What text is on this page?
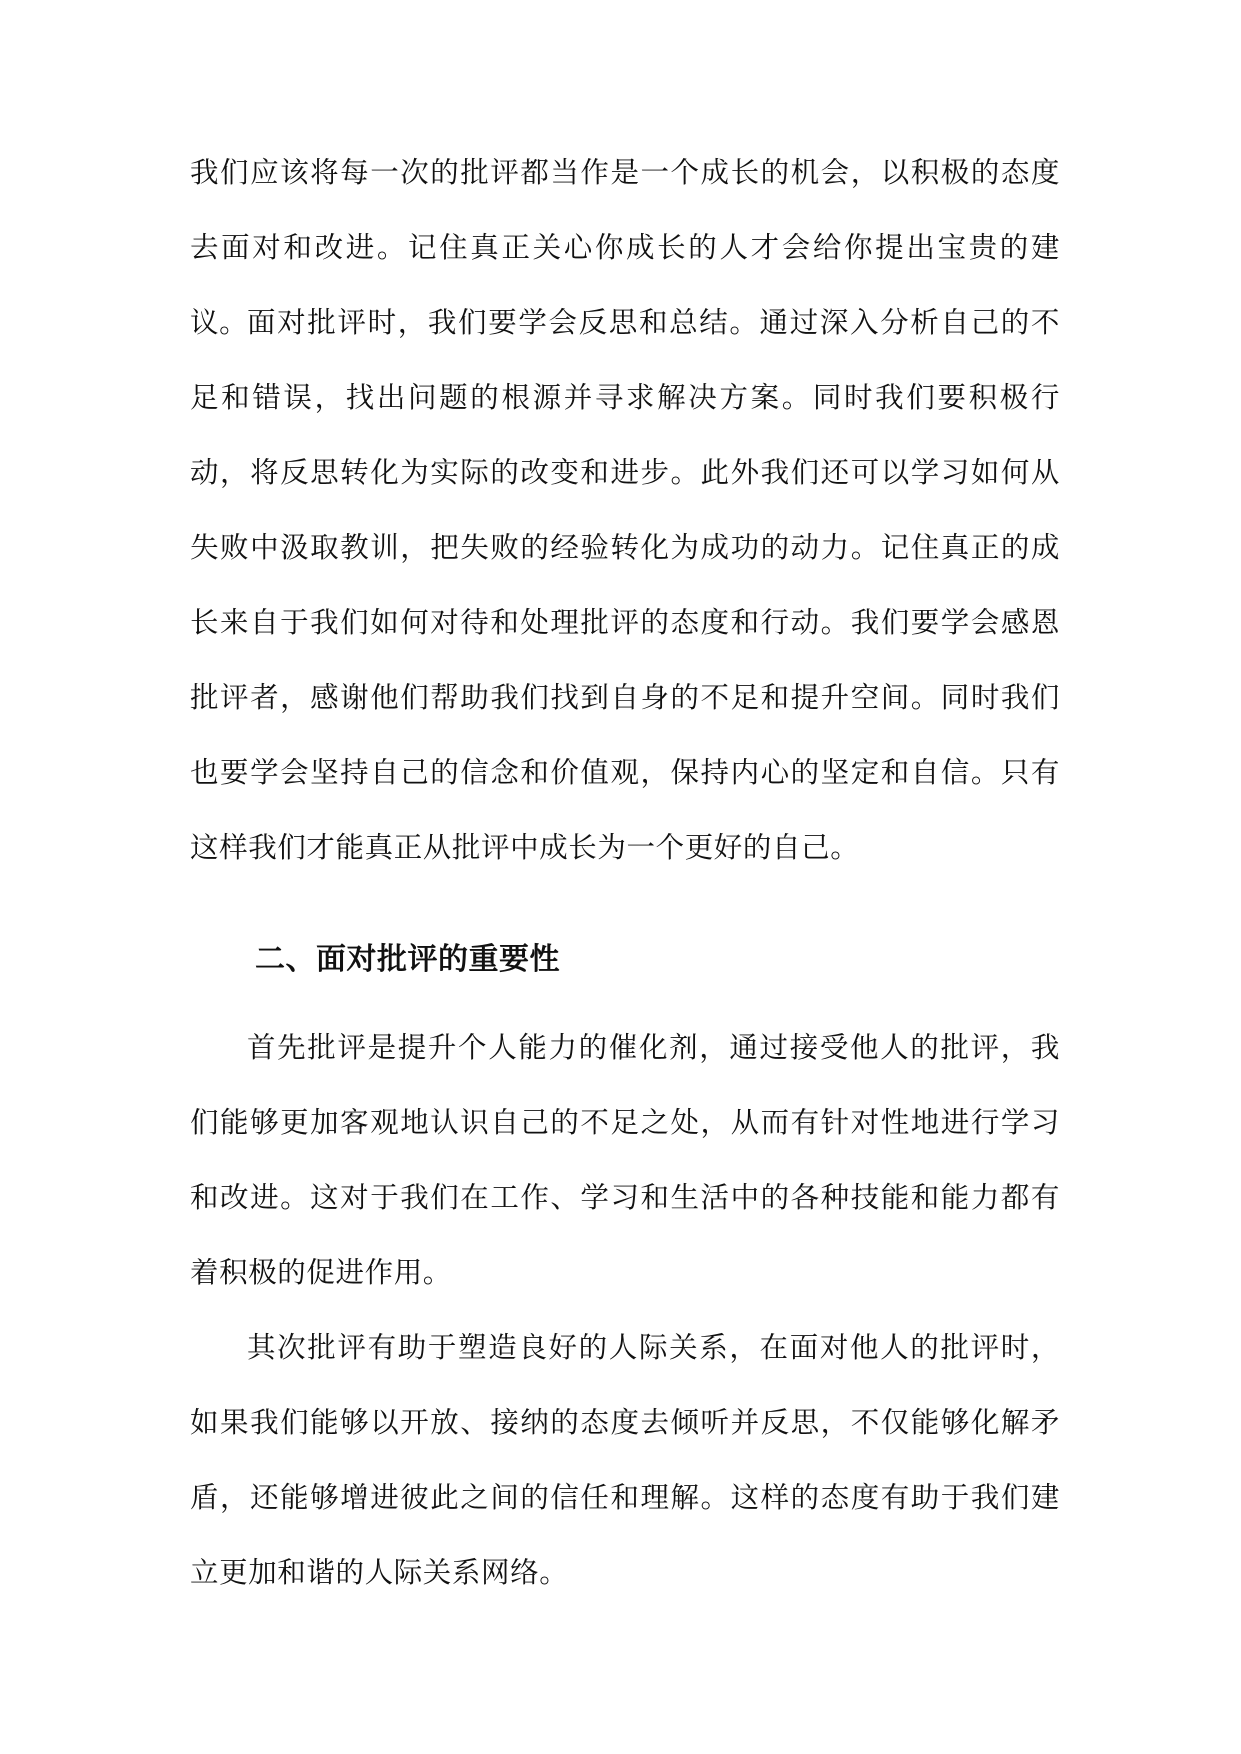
我们应该将每一次的批评都当作是一个成长的机会，以积极的态度去面对和改进。记住真正关心你成长的人才会给你提出宝贵的建议。

面对批评时，我们要学会反思和总结。通过深入分析自己的不足和错误，找出问题的根源并寻求解决方案。同时我们要积极行动，将反思转化为实际的改变和进步。此外我们还可以学习如何从失败中汲取教训，把失败的经验转化为成功的动力。记住真正的成长来自于我们如何对待和处理批评的态度和行动。我们要学会感恩批评者，感谢他们帮助我们找到自身的不足和提升空间。同时我们也要学会坚持自己的信念和价值观，保持内心的坚定和自信。只有这样我们才能真正从批评中成长为一个更好的自己。

二、面对批评的重要性

首先批评是提升个人能力的催化剂，通过接受他人的批评，我们能够更加客观地认识自己的不足之处，从而有针对性地进行学习和改进。这对于我们在工作、学习和生活中的各种技能和能力都有着积极的促进作用。

其次批评有助于塑造良好的人际关系，在面对他人的批评时，如果我们能够以开放、接纳的态度去倾听并反思，不仅能够化解矛盾，还能够增进彼此之间的信任和理解。这样的态度有助于我们建立更加和谐的人际关系网络。
